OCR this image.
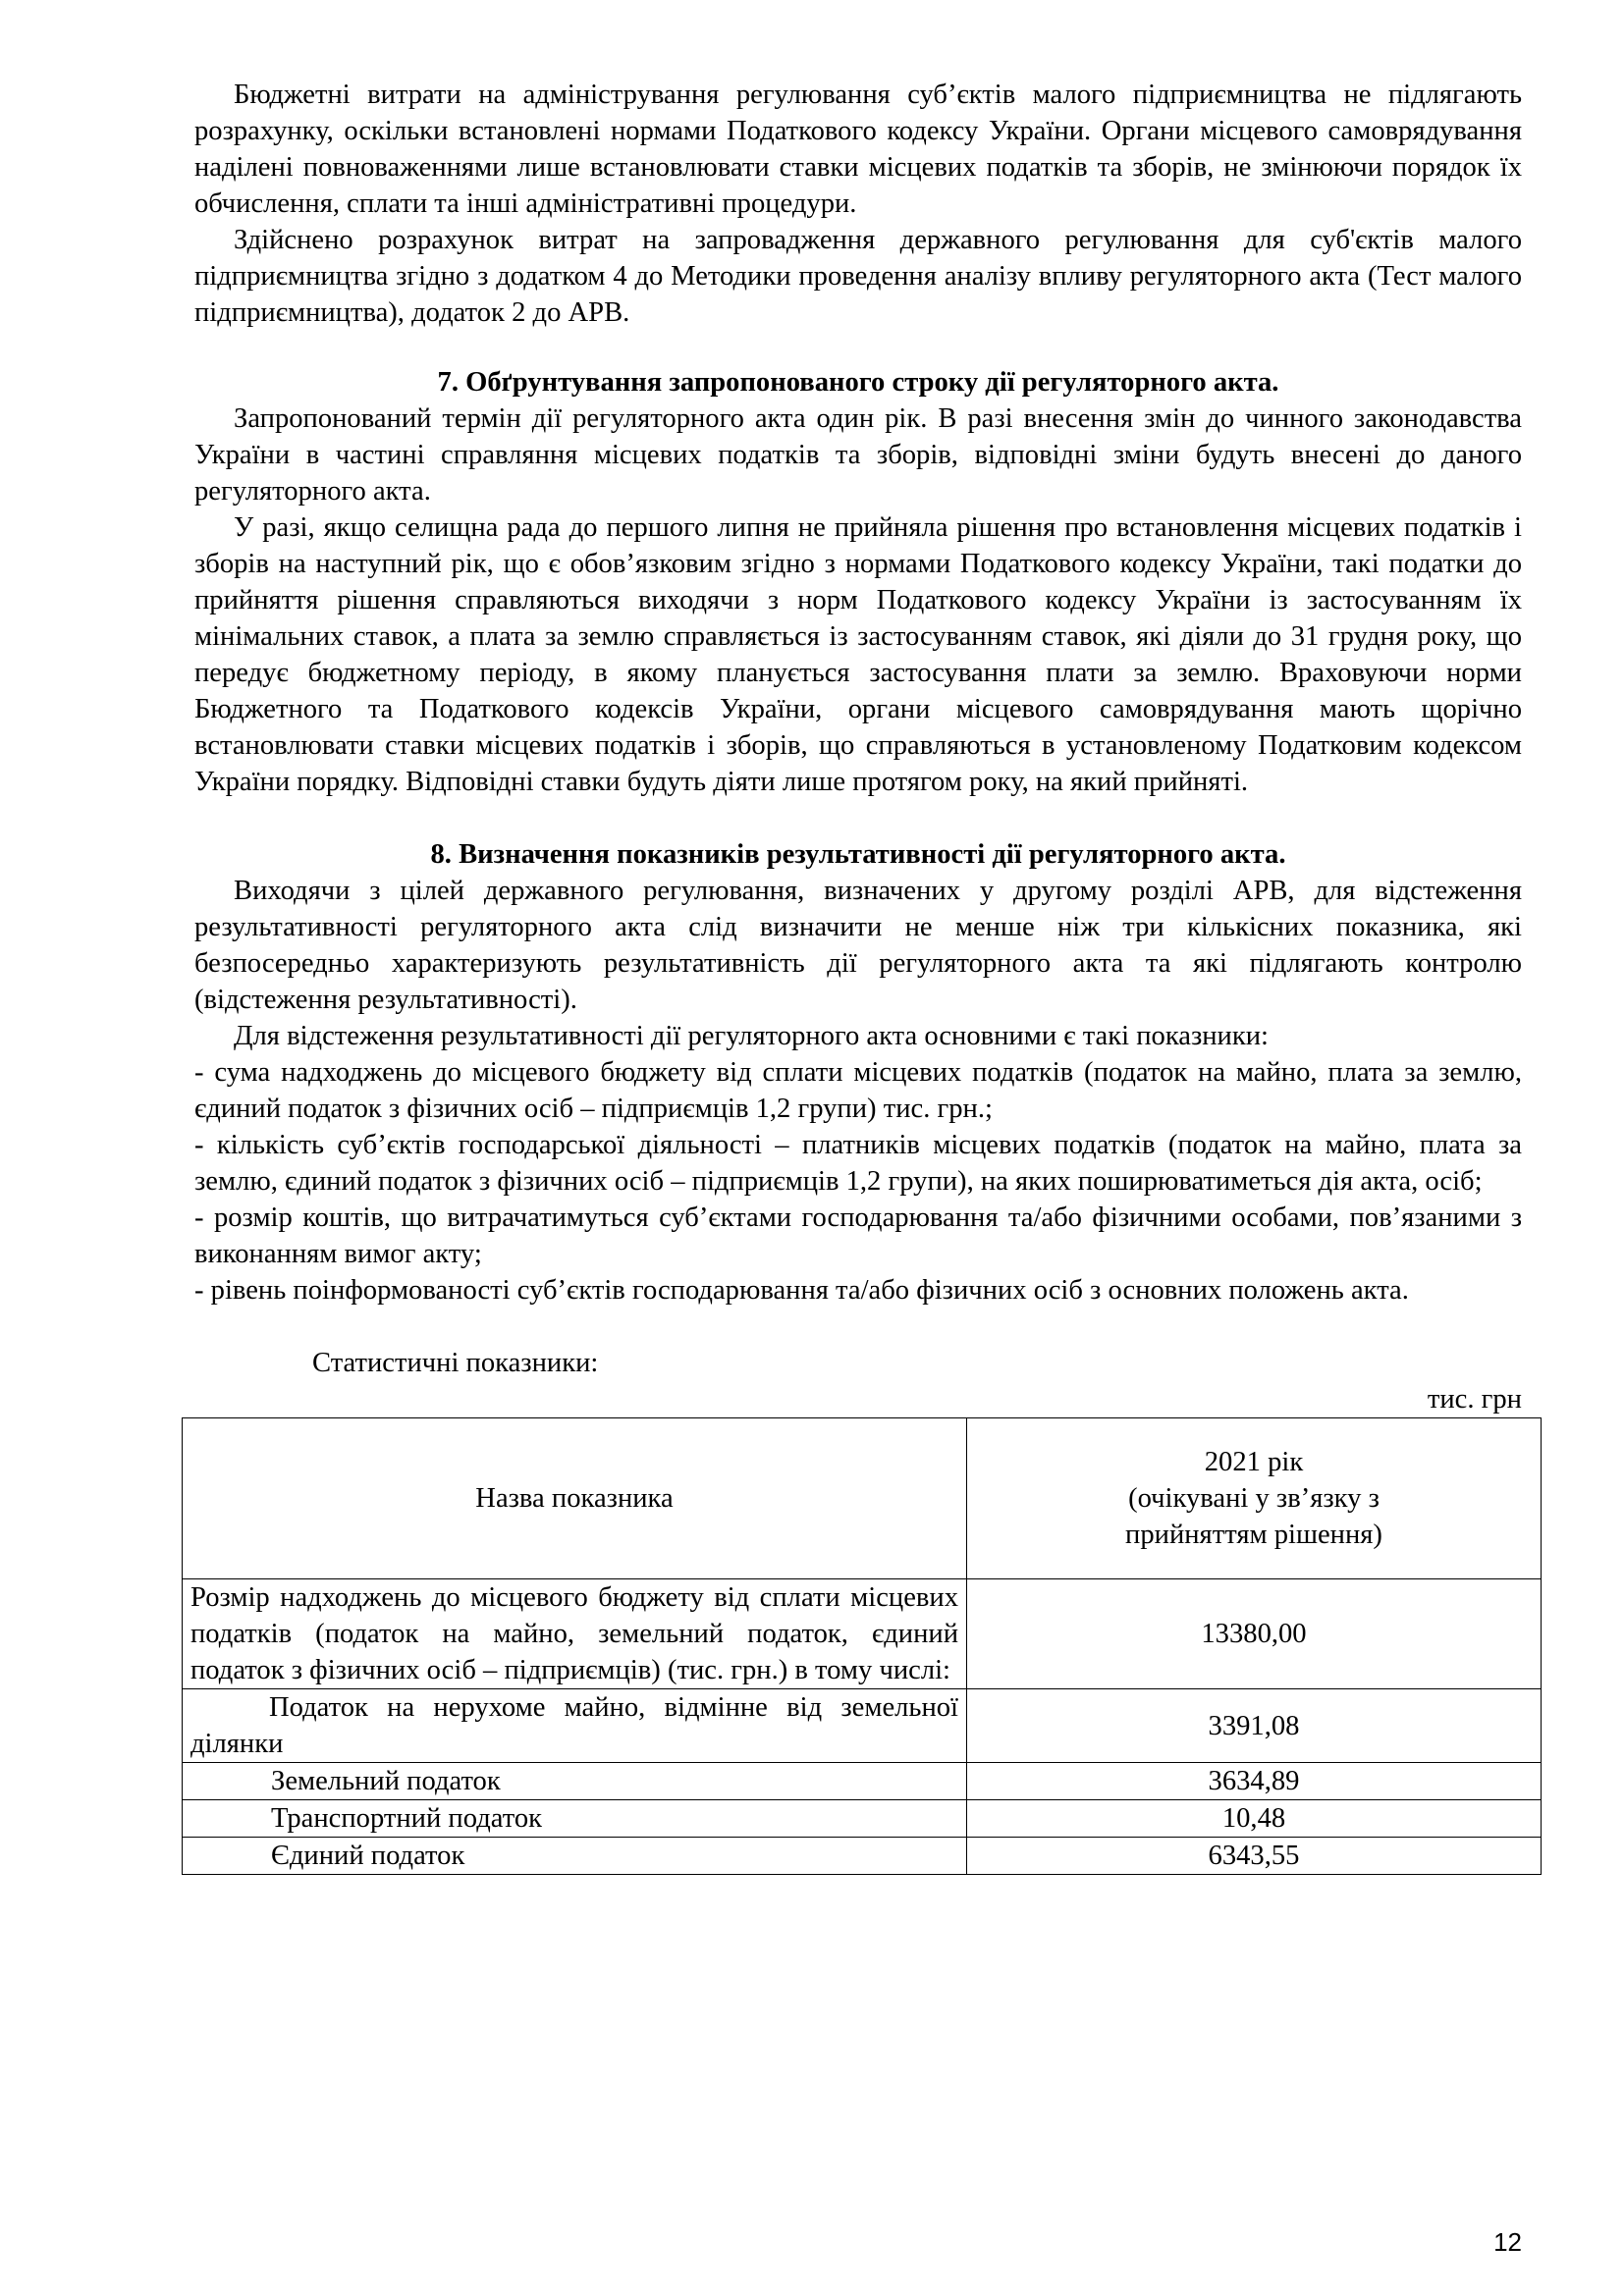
Бюджетні витрати на адміністрування регулювання суб’єктів малого підприємництва не підлягають розрахунку, оскільки встановлені нормами Податкового кодексу України. Органи місцевого самоврядування наділені повноваженнями лише встановлювати ставки місцевих податків та зборів, не змінюючи порядок їх обчислення, сплати та інші адміністративні процедури.

Здійснено розрахунок витрат на запровадження державного регулювання для суб'єктів малого підприємництва згідно з додатком 4 до Методики проведення аналізу впливу регуляторного акта (Тест малого підприємництва), додаток 2 до АРВ.

7. Обґрунтування запропонованого строку дії регуляторного акта.

Запропонований термін дії регуляторного акта один рік. В разі внесення змін до чинного законодавства України в частині справляння місцевих податків та зборів, відповідні зміни будуть внесені до даного регуляторного акта.

У разі, якщо селищна рада до першого липня не прийняла рішення про встановлення місцевих податків і зборів на наступний рік, що є обов’язковим згідно з нормами Податкового кодексу України, такі податки до прийняття рішення справляються виходячи з норм Податкового кодексу України із застосуванням їх мінімальних ставок, а плата за землю справляється із застосуванням ставок, які діяли до 31 грудня року, що передує бюджетному періоду, в якому планується застосування плати за землю. Враховуючи норми Бюджетного та Податкового кодексів України, органи місцевого самоврядування мають щорічно встановлювати ставки місцевих податків і зборів, що справляються в установленому Податковим кодексом України порядку. Відповідні ставки будуть діяти лише протягом року, на який прийняті.

8. Визначення показників результативності дії регуляторного акта.

Виходячи з цілей державного регулювання, визначених у другому розділі АРВ, для відстеження результативності регуляторного акта слід визначити не менше ніж три кількісних показника, які безпосередньо характеризують результативність дії регуляторного акта та які підлягають контролю (відстеження результативності).

Для відстеження результативності дії регуляторного акта основними є такі показники:

- сума надходжень до місцевого бюджету від сплати місцевих податків (податок на майно, плата за землю, єдиний податок з фізичних осіб – підприємців 1,2 групи) тис. грн.;

- кількість суб’єктів господарської діяльності – платників місцевих податків (податок на майно, плата за землю, єдиний податок з фізичних осіб – підприємців 1,2 групи), на яких поширюватиметься дія акта, осіб;

- розмір коштів, що витрачатимуться суб’єктами господарювання та/або фізичними особами, пов’язаними з виконанням вимог акту;

- рівень поінформованості суб’єктів господарювання та/або фізичних осіб з основних положень акта.

Статистичні показники:

тис. грн
Назва показника	2021 рік
(очікувані у зв’язку з
прийняттям рішення)

Розмір надходжень до місцевого бюджету від сплати місцевих податків (податок на майно, земельний податок, єдиний податок з фізичних осіб – підприємців) (тис. грн.) в тому числі:	13380,00
Податок на нерухоме майно, відмінне від земельної ділянки	3391,08
Земельний податок	3634,89
Транспортний податок	10,48
Єдиний податок	6343,55
12
